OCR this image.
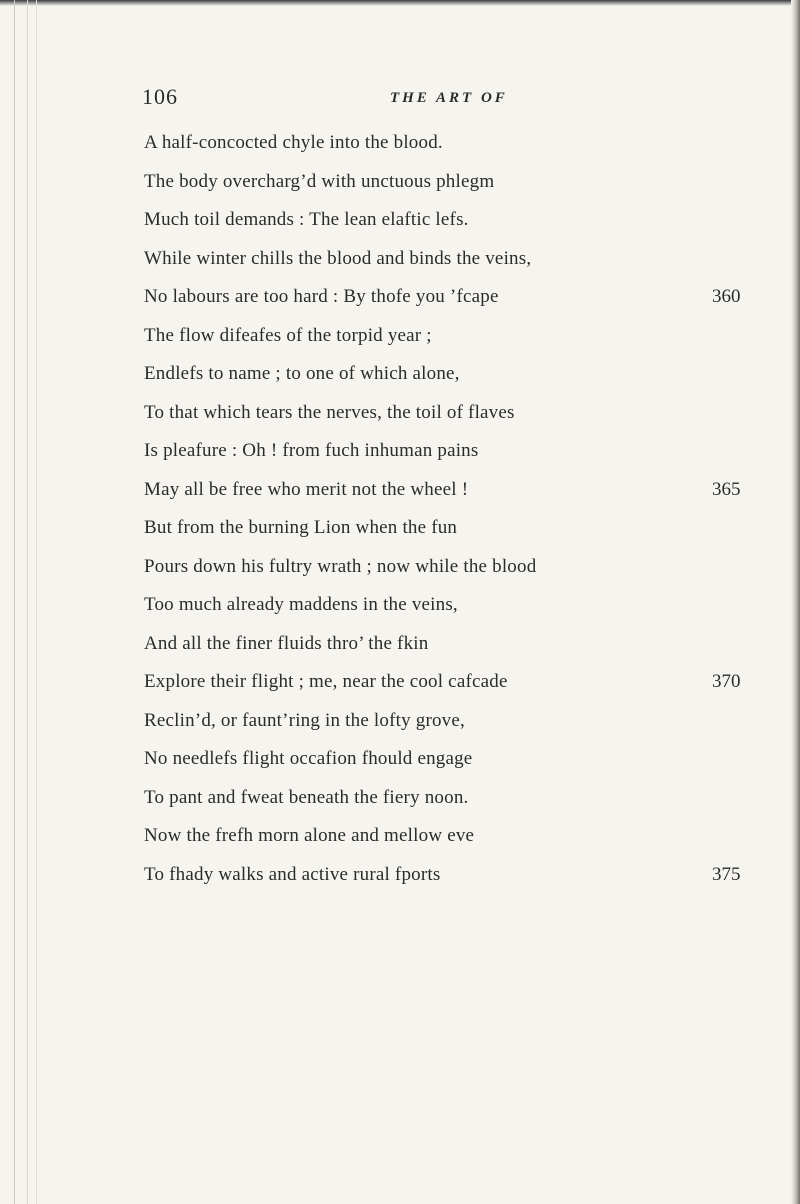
106	THE ART OF
A half-concocted chyle into the blood.
The body overcharg’d with unctuous phlegm
Much toil demands : The lean elaftic lefs.
While winter chills the blood and binds the veins,
No labours are too hard : By thofe you ’fcape	360
The flow difeafes of the torpid year ;
Endlefs to name ; to one of which alone,
To that which tears the nerves, the toil of flaves
Is pleafure : Oh ! from fuch inhuman pains
May all be free who merit not the wheel !	365
But from the burning Lion when the fun
Pours down his fultry wrath ; now while the blood
Too much already maddens in the veins,
And all the finer fluids thro’ the fkin
Explore their flight ; me, near the cool cafcade	370
Reclin’d, or faunt’ring in the lofty grove,
No needlefs flight occafion fhould engage
To pant and fweat beneath the fiery noon.
Now the frefh morn alone and mellow eve
To fhady walks and active rural fports	375
